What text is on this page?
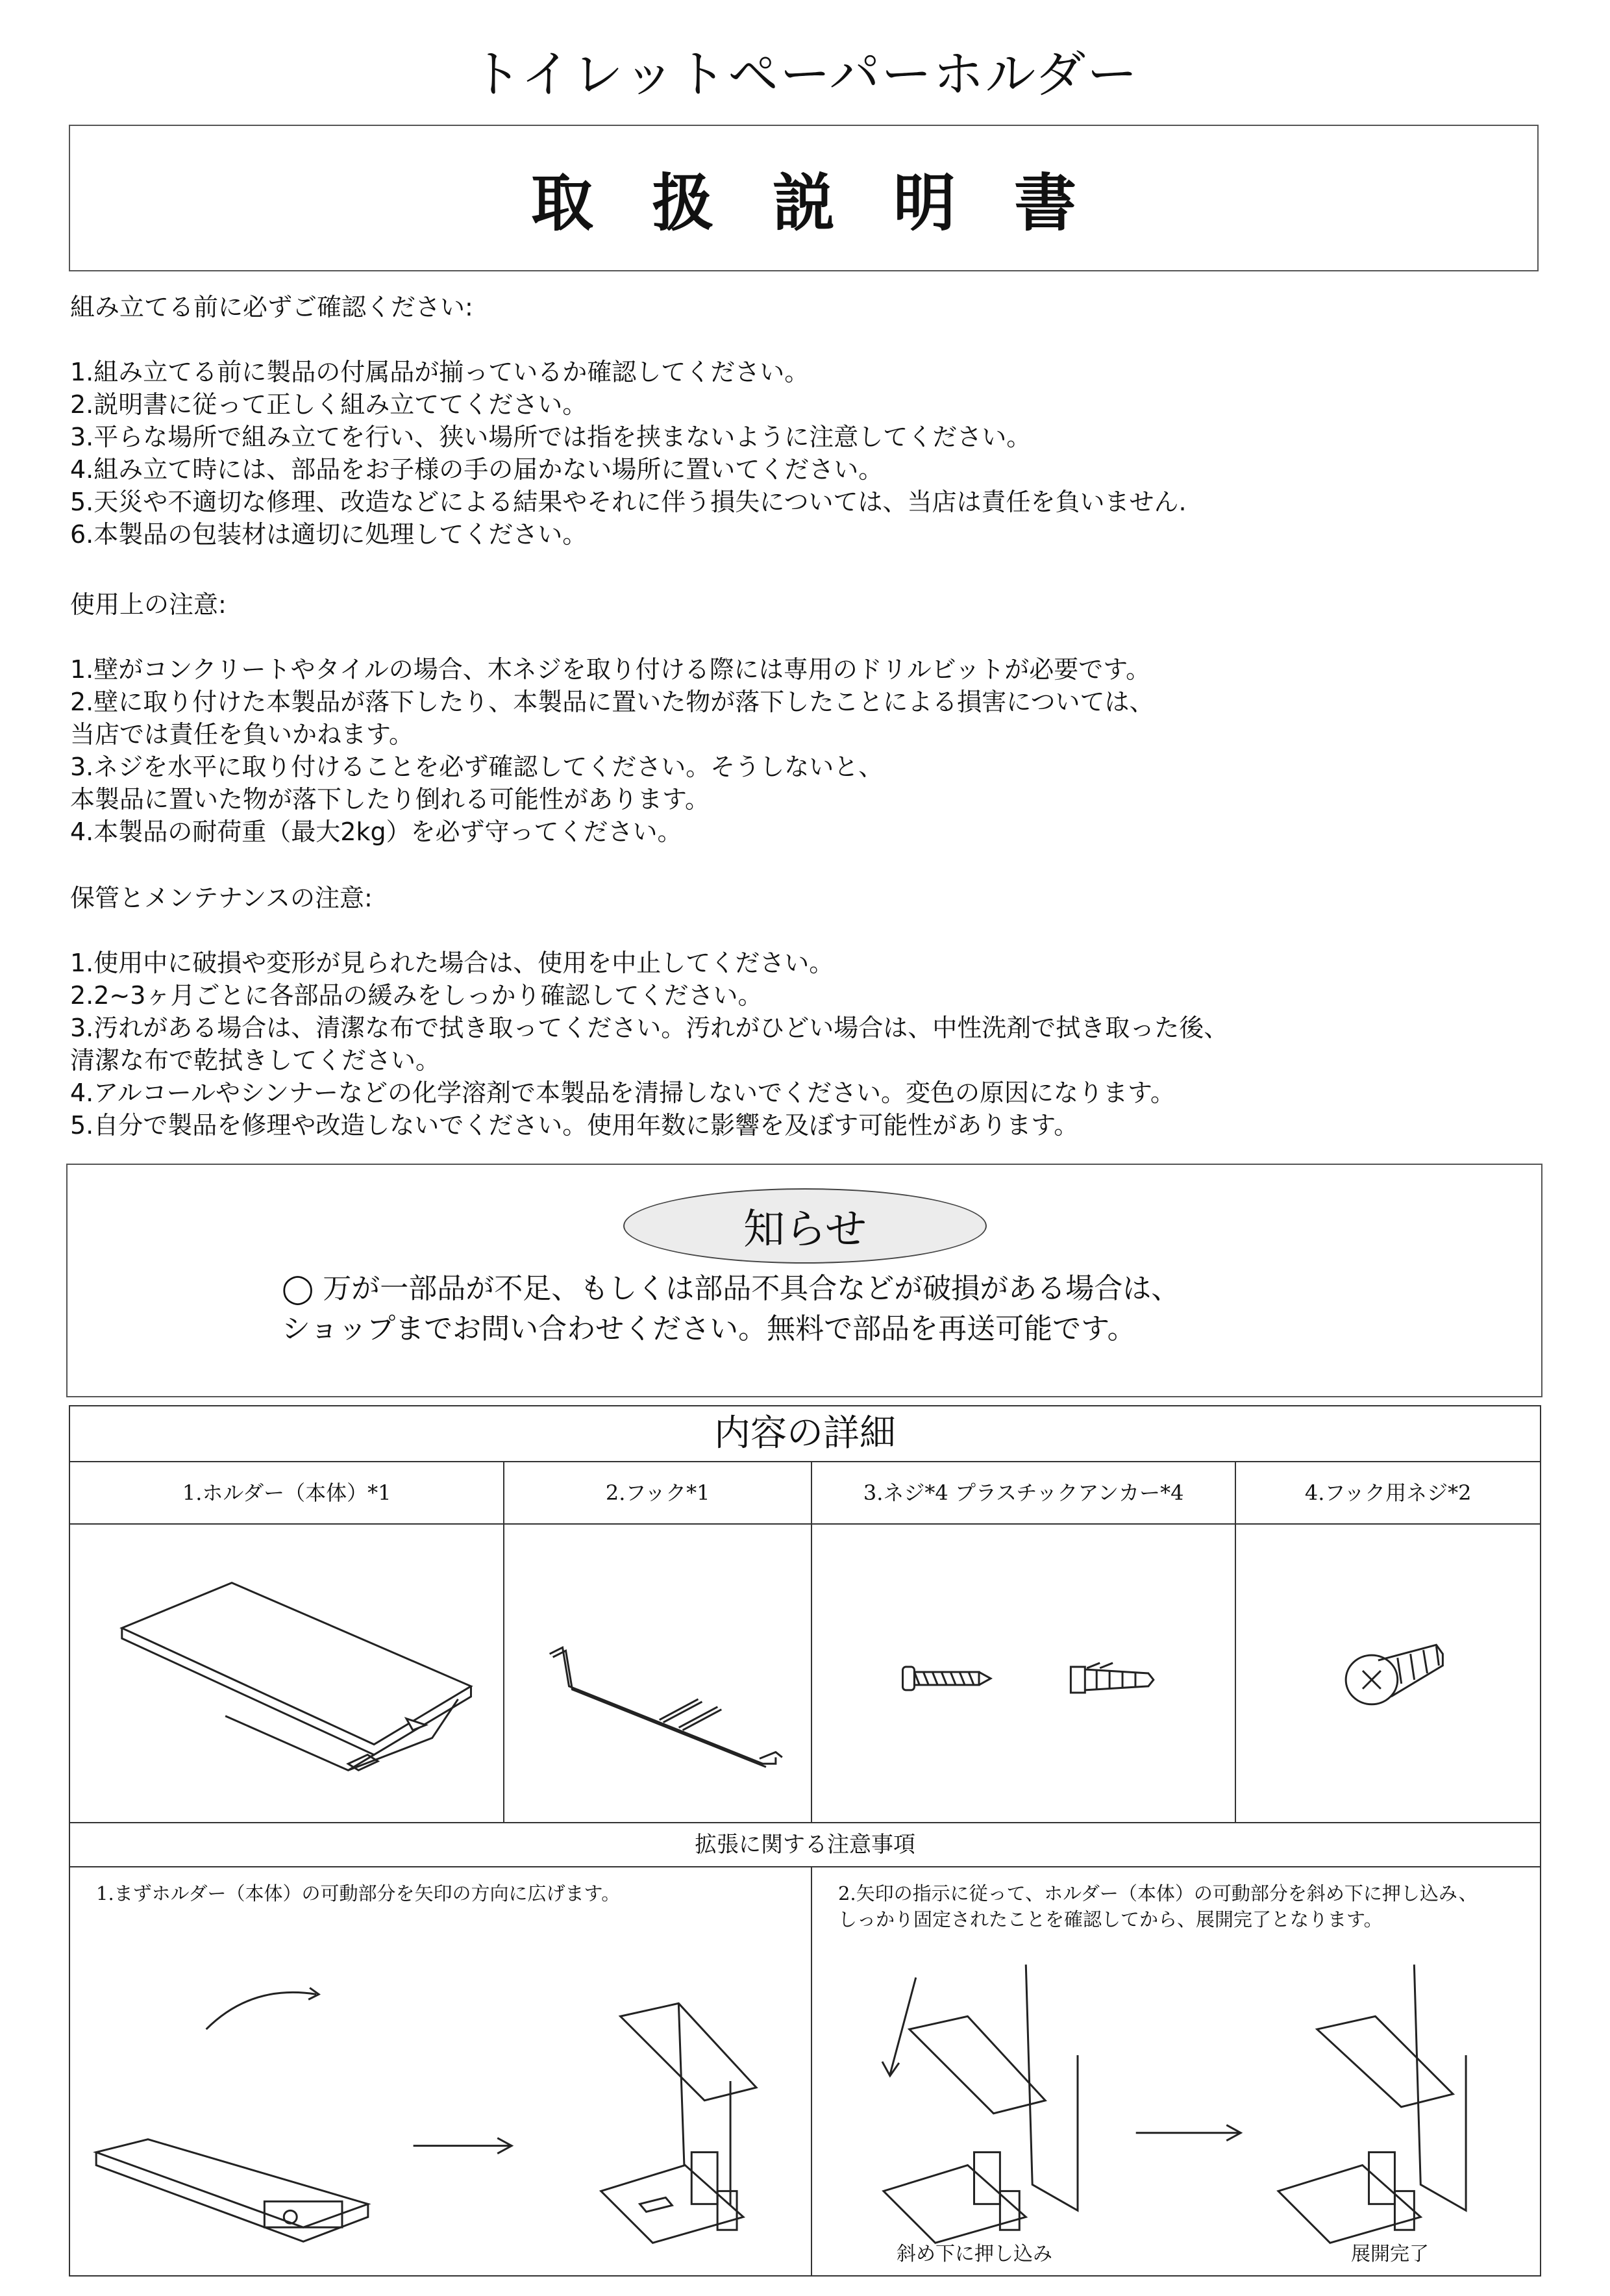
トイレットペーパーホルダー
取扱説明書

組み立てる前に必ずご確認ください:

1.組み立てる前に製品の付属品が揃っているか確認してください。

2.説明書に従って正しく組み立ててください。

3.平らな場所で組み立てを行い、狭い場所では指を挟まないように注意してください。

4.組み立て時には、部品をお子様の手の届かない場所に置いてください。

5.天災や不適切な修理、改造などによる結果やそれに伴う損失については、当店は責任を負いません.

6.本製品の包装材は適切に処理してください。

使用上の注意:

1.壁がコンクリートやタイルの場合、木ネジを取り付ける際には専用のドリルビットが必要です。

2.壁に取り付けた本製品が落下したり、本製品に置いた物が落下したことによる損害については、

当店では責任を負いかねます。

3.ネジを水平に取り付けることを必ず確認してください。そうしないと、

本製品に置いた物が落下したり倒れる可能性があります。

4.本製品の耐荷重（最大2kg）を必ず守ってください。

保管とメンテナンスの注意:

1.使用中に破損や変形が見られた場合は、使用を中止してください。

2.2~3ヶ月ごとに各部品の緩みをしっかり確認してください。

3.汚れがある場合は、清潔な布で拭き取ってください。汚れがひどい場合は、中性洗剤で拭き取った後、

清潔な布で乾拭きしてください。

4.アルコールやシンナーなどの化学溶剤で本製品を清掃しないでください。変色の原因になります。

5.自分で製品を修理や改造しないでください。使用年数に影響を及ぼす可能性があります。

知らせ
◯ 万が一部品が不足、もしくは部品不具合などが破損がある場合は、
ショップまでお問い合わせください。無料で部品を再送可能です。
内容の詳細			
1.ホルダー（本体）*1	2.フック*1	3.ネジ*4 プラスチックアンカー*4	4.フック用ネジ*2

拡張に関する注意事項			

1.まずホルダー（本体）の可動部分を矢印の方向に広げます。		2.矢印の指示に従って、ホルダー（本体）の可動部分を斜め下に押し込み、
しっかり固定されたことを確認してから、展開完了となります。
斜め下に押し込み 展開完了	
